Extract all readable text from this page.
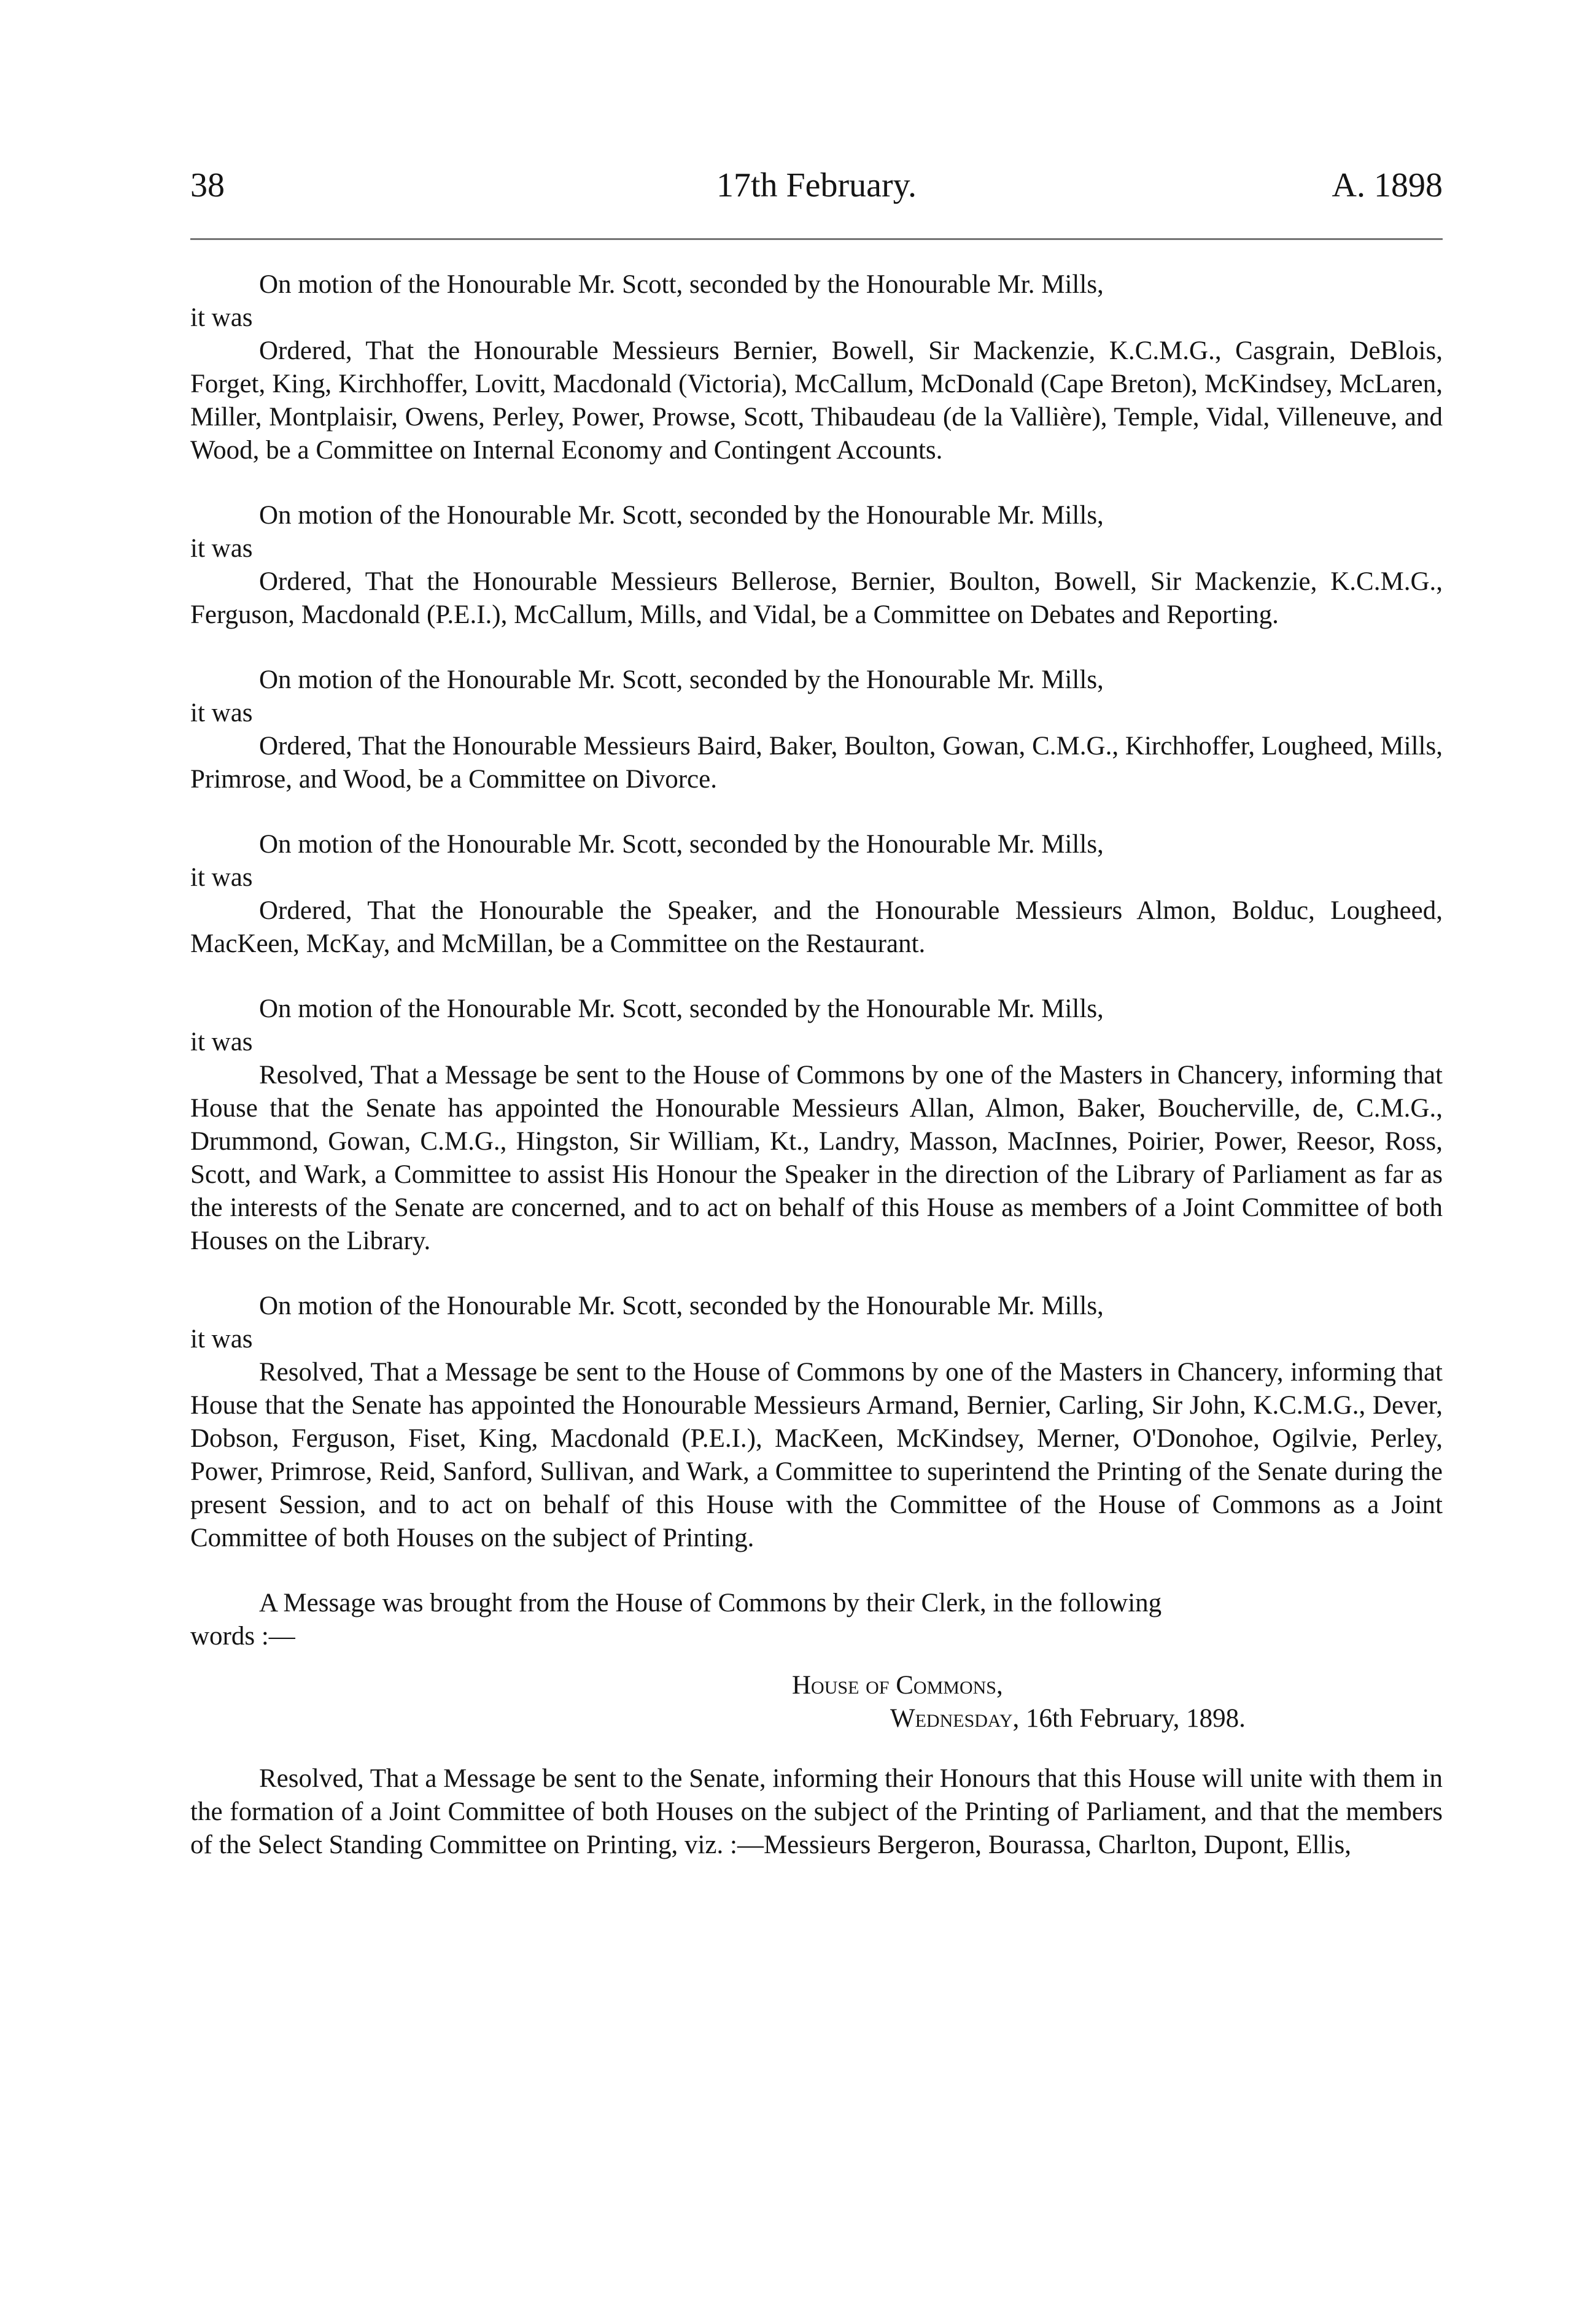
38	17th February.	A. 1898

On motion of the Honourable Mr. Scott, seconded by the Honourable Mr. Mills,

it was

Ordered, That the Honourable Messieurs Bernier, Bowell, Sir Mackenzie, K.C.M.G., Casgrain, DeBlois, Forget, King, Kirchhoffer, Lovitt, Macdonald (Victoria), McCallum, McDonald (Cape Breton), McKindsey, McLaren, Miller, Montplaisir, Owens, Perley, Power, Prowse, Scott, Thibaudeau (de la Vallière), Temple, Vidal, Villeneuve, and Wood, be a Committee on Internal Economy and Contingent Accounts.

On motion of the Honourable Mr. Scott, seconded by the Honourable Mr. Mills,

it was

Ordered, That the Honourable Messieurs Bellerose, Bernier, Boulton, Bowell, Sir Mackenzie, K.C.M.G., Ferguson, Macdonald (P.E.I.), McCallum, Mills, and Vidal, be a Committee on Debates and Reporting.

On motion of the Honourable Mr. Scott, seconded by the Honourable Mr. Mills,

it was

Ordered, That the Honourable Messieurs Baird, Baker, Boulton, Gowan, C.M.G., Kirchhoffer, Lougheed, Mills, Primrose, and Wood, be a Committee on Divorce.

On motion of the Honourable Mr. Scott, seconded by the Honourable Mr. Mills,

it was

Ordered, That the Honourable the Speaker, and the Honourable Messieurs Almon, Bolduc, Lougheed, MacKeen, McKay, and McMillan, be a Committee on the Restaurant.

On motion of the Honourable Mr. Scott, seconded by the Honourable Mr. Mills,

it was

Resolved, That a Message be sent to the House of Commons by one of the Masters in Chancery, informing that House that the Senate has appointed the Honourable Messieurs Allan, Almon, Baker, Boucherville, de, C.M.G., Drummond, Gowan, C.M.G., Hingston, Sir William, Kt., Landry, Masson, MacInnes, Poirier, Power, Reesor, Ross, Scott, and Wark, a Committee to assist His Honour the Speaker in the direction of the Library of Parliament as far as the interests of the Senate are concerned, and to act on behalf of this House as members of a Joint Committee of both Houses on the Library.

On motion of the Honourable Mr. Scott, seconded by the Honourable Mr. Mills,

it was

Resolved, That a Message be sent to the House of Commons by one of the Masters in Chancery, informing that House that the Senate has appointed the Honourable Messieurs Armand, Bernier, Carling, Sir John, K.C.M.G., Dever, Dobson, Ferguson, Fiset, King, Macdonald (P.E.I.), MacKeen, McKindsey, Merner, O'Donohoe, Ogilvie, Perley, Power, Primrose, Reid, Sanford, Sullivan, and Wark, a Committee to superintend the Printing of the Senate during the present Session, and to act on behalf of this House with the Committee of the House of Commons as a Joint Committee of both Houses on the subject of Printing.

A Message was brought from the House of Commons by their Clerk, in the following

words :—

House of Commons,
Wednesday, 16th February, 1898.

Resolved, That a Message be sent to the Senate, informing their Honours that this House will unite with them in the formation of a Joint Committee of both Houses on the subject of the Printing of Parliament, and that the members of the Select Standing Committee on Printing, viz. :—Messieurs Bergeron, Bourassa, Charlton, Dupont, Ellis,
